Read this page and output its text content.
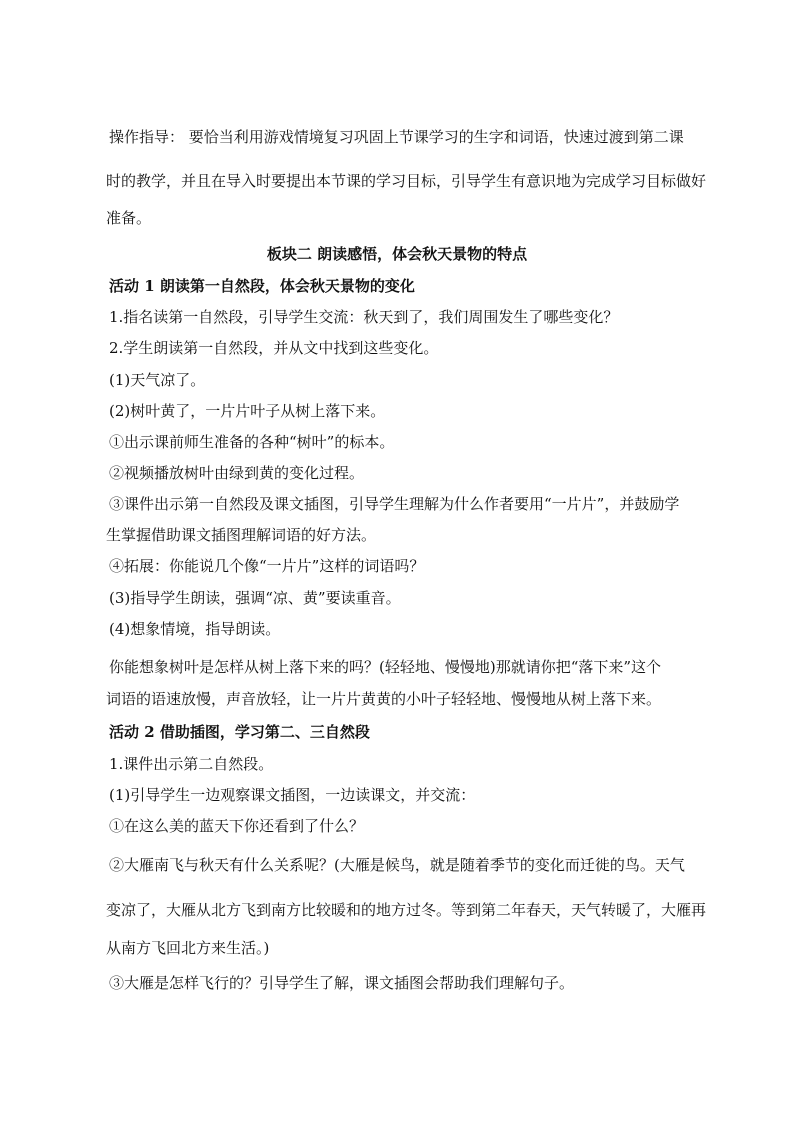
操作指导： 要恰当利用游戏情境复习巩固上节课学习的生字和词语，快速过渡到第二课
时的教学，并且在导入时要提出本节课的学习目标，引导学生有意识地为完成学习目标做好
准备。
板块二 朗读感悟，体会秋天景物的特点
活动 1 朗读第一自然段，体会秋天景物的变化
1.指名读第一自然段，引导学生交流：秋天到了，我们周围发生了哪些变化？
2.学生朗读第一自然段，并从文中找到这些变化。
(1)天气凉了。
(2)树叶黄了，一片片叶子从树上落下来。
①出示课前师生准备的各种“树叶”的标本。
②视频播放树叶由绿到黄的变化过程。
③课件出示第一自然段及课文插图，引导学生理解为什么作者要用“一片片”，并鼓励学
生掌握借助课文插图理解词语的好方法。
④拓展：你能说几个像“一片片”这样的词语吗？
(3)指导学生朗读，强调“凉、黄”要读重音。
(4)想象情境，指导朗读。
你能想象树叶是怎样从树上落下来的吗？(轻轻地、慢慢地)那就请你把“落下来”这个
词语的语速放慢，声音放轻，让一片片黄黄的小叶子轻轻地、慢慢地从树上落下来。
活动 2 借助插图，学习第二、三自然段
1.课件出示第二自然段。
(1)引导学生一边观察课文插图，一边读课文，并交流：
①在这么美的蓝天下你还看到了什么？
②大雁南飞与秋天有什么关系呢？(大雁是候鸟，就是随着季节的变化而迁徙的鸟。天气
变凉了，大雁从北方飞到南方比较暖和的地方过冬。等到第二年春天，天气转暖了，大雁再
从南方飞回北方来生活。)
③大雁是怎样飞行的？引导学生了解，课文插图会帮助我们理解句子。
